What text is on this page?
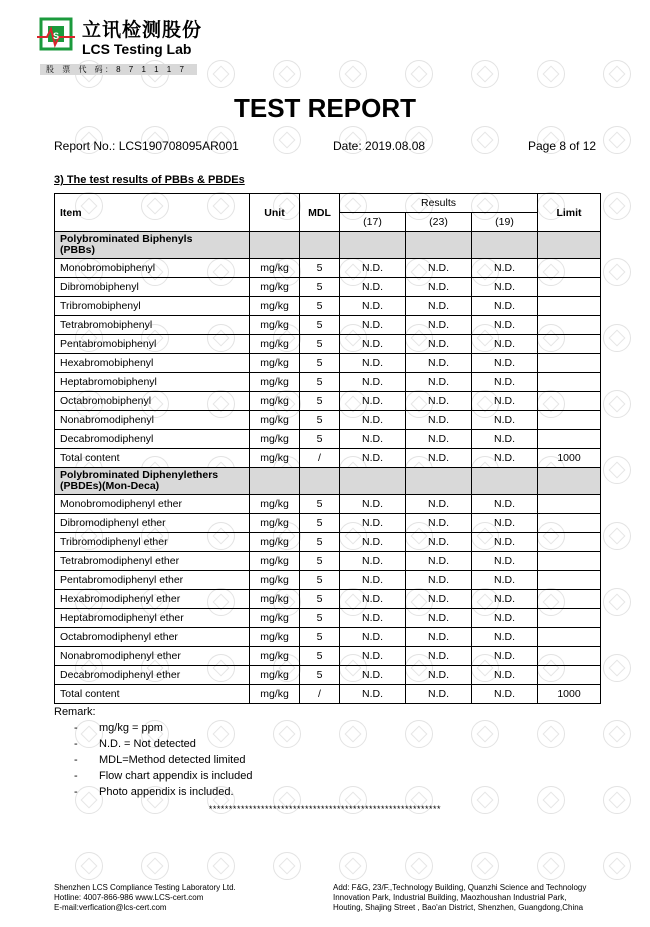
S 立讯检测股份
LCS Testing Lab
股 票 代 码: 8 7 1 1 1 7
TEST REPORT
Report No.: LCS190708095AR001	Date: 2019.08.08	Page 8 of 12
3) The test results of PBBs & PBDEs
Item	Unit	MDL	Results			Limit
			(17)	(23)	(19)	

Polybrominated Biphenyls
(PBBs)						

Monobromobiphenyl	mg/kg	5	N.D.	N.D.	N.D.	
Dibromobiphenyl	mg/kg	5	N.D.	N.D.	N.D.	
Tribromobiphenyl	mg/kg	5	N.D.	N.D.	N.D.	
Tetrabromobiphenyl	mg/kg	5	N.D.	N.D.	N.D.	
Pentabromobiphenyl	mg/kg	5	N.D.	N.D.	N.D.	
Hexabromobiphenyl	mg/kg	5	N.D.	N.D.	N.D.	
Heptabromobiphenyl	mg/kg	5	N.D.	N.D.	N.D.	
Octabromobiphenyl	mg/kg	5	N.D.	N.D.	N.D.	
Nonabromodiphenyl	mg/kg	5	N.D.	N.D.	N.D.	
Decabromodiphenyl	mg/kg	5	N.D.	N.D.	N.D.	
Total content	mg/kg	/	N.D.	N.D.	N.D.	1000

Polybrominated Diphenylethers
(PBDEs)(Mon-Deca)						

Monobromodiphenyl ether	mg/kg	5	N.D.	N.D.	N.D.	
Dibromodiphenyl ether	mg/kg	5	N.D.	N.D.	N.D.	
Tribromodiphenyl ether	mg/kg	5	N.D.	N.D.	N.D.	
Tetrabromodiphenyl ether	mg/kg	5	N.D.	N.D.	N.D.	
Pentabromodiphenyl ether	mg/kg	5	N.D.	N.D.	N.D.	
Hexabromodiphenyl ether	mg/kg	5	N.D.	N.D.	N.D.	
Heptabromodiphenyl ether	mg/kg	5	N.D.	N.D.	N.D.	
Octabromodiphenyl ether	mg/kg	5	N.D.	N.D.	N.D.	
Nonabromodiphenyl ether	mg/kg	5	N.D.	N.D.	N.D.	
Decabromodiphenyl ether	mg/kg	5	N.D.	N.D.	N.D.	
Total content	mg/kg	/	N.D.	N.D.	N.D.	1000
Remark:
- mg/kg = ppm
- N.D. = Not detected
- MDL=Method detected limited
- Flow chart appendix is included
- Photo appendix is included.
**********************************************************
Shenzhen LCS Compliance Testing Laboratory Ltd.
Hotline: 4007-866-986 www.LCS-cert.com
E-mail:verfication@lcs-cert.com
Add: F&G, 23/F.,Technology Building, Quanzhi Science and Technology
Innovation Park, Industrial Building, Maozhoushan Industrial Park,
Houting, Shajing Street , Bao'an District, Shenzhen, Guangdong,China
